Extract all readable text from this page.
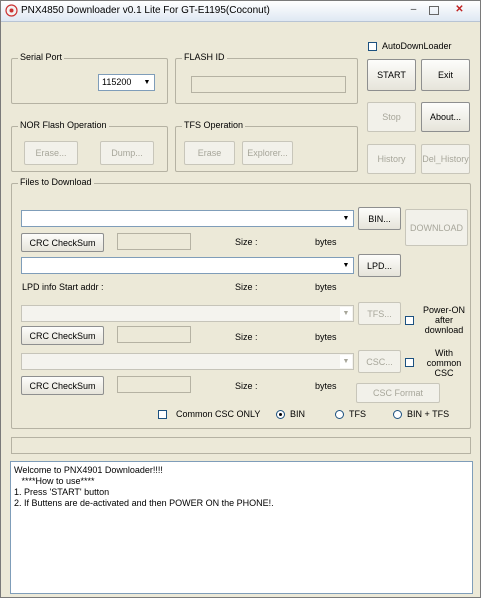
PNX4850 Downloader v0.1 Lite For GT-E1195(Coconut)	–	✕
Serial Port
115200	▼
FLASH ID
AutoDownLoader
START	Exit
Stop	About...
History	Del_History
NOR Flash Operation
Erase...	Dump...
TFS Operation
Erase	Explorer...
Files to Download
▼	BIN...
DOWNLOAD
CRC CheckSum	Size :	bytes
▼	LPD...
LPD info Start addr :	Size :	bytes
▼	TFS...	Power-ON after download
CRC CheckSum	Size :	bytes
▼	CSC...
With common CSC
CRC CheckSum	Size :	bytes
CSC Format
Common CSC ONLY	BIN	TFS	BIN + TFS
Welcome to PNX4901 Downloader!!!!
****How to use****
1. Press 'START' button
2. If Buttens are de-activated and then POWER ON the PHONE!.
